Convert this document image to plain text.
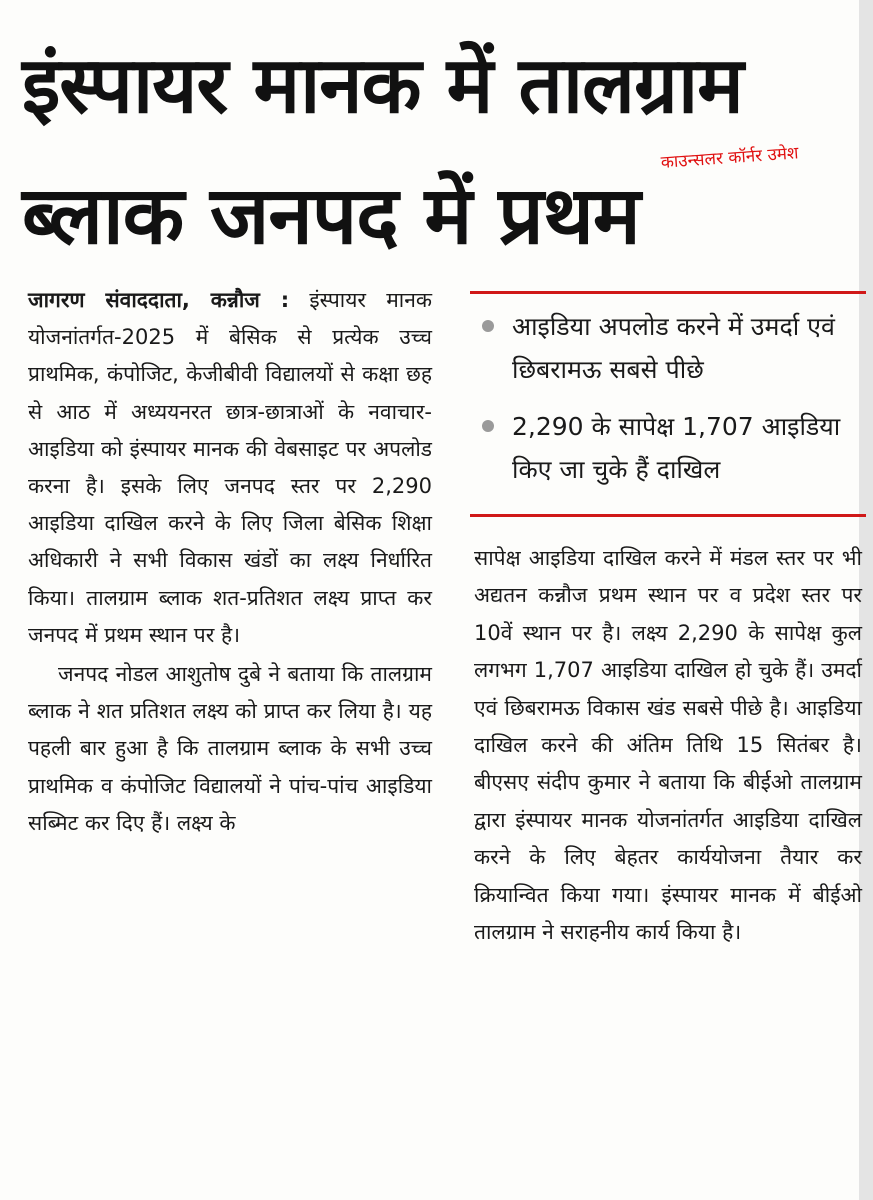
इंस्पायर मानक में तालग्राम
ब्लाक जनपद में प्रथम
काउन्सलर कॉर्नर उमेश

जागरण संवाददाता, कन्नौज : इंस्पायर मानक योजनांतर्गत-2025 में बेसिक से प्रत्येक उच्च प्राथमिक, कंपोजिट, केजीबीवी विद्यालयों से कक्षा छह से आठ में अध्ययनरत छात्र-छात्राओं के नवाचार-आइडिया को इंस्पायर मानक की वेबसाइट पर अपलोड करना है। इसके लिए जनपद स्तर पर 2,290 आइडिया दाखिल करने के लिए जिला बेसिक शिक्षा अधिकारी ने सभी विकास खंडों का लक्ष्य निर्धारित किया। तालग्राम ब्लाक शत-प्रतिशत लक्ष्य प्राप्त कर जनपद में प्रथम स्थान पर है।

जनपद नोडल आशुतोष दुबे ने बताया कि तालग्राम ब्लाक ने शत प्रतिशत लक्ष्य को प्राप्त कर लिया है। यह पहली बार हुआ है कि तालग्राम ब्लाक के सभी उच्च प्राथमिक व कंपोजिट विद्यालयों ने पांच-पांच आइडिया सब्मिट कर दिए हैं। लक्ष्य के

आइडिया अपलोड करने में उमर्दा एवं छिबरामऊ सबसे पीछे
2,290 के सापेक्ष 1,707 आइडिया किए जा चुके हैं दाखिल

सापेक्ष आइडिया दाखिल करने में मंडल स्तर पर भी अद्यतन कन्नौज प्रथम स्थान पर व प्रदेश स्तर पर 10वें स्थान पर है। लक्ष्य 2,290 के सापेक्ष कुल लगभग 1,707 आइडिया दाखिल हो चुके हैं। उमर्दा एवं छिबरामऊ विकास खंड सबसे पीछे है। आइडिया दाखिल करने की अंतिम तिथि 15 सितंबर है। बीएसए संदीप कुमार ने बताया कि बीईओ तालग्राम द्वारा इंस्पायर मानक योजनांतर्गत आइडिया दाखिल करने के लिए बेहतर कार्ययोजना तैयार कर क्रियान्वित किया गया। इंस्पायर मानक में बीईओ तालग्राम ने सराहनीय कार्य किया है।
